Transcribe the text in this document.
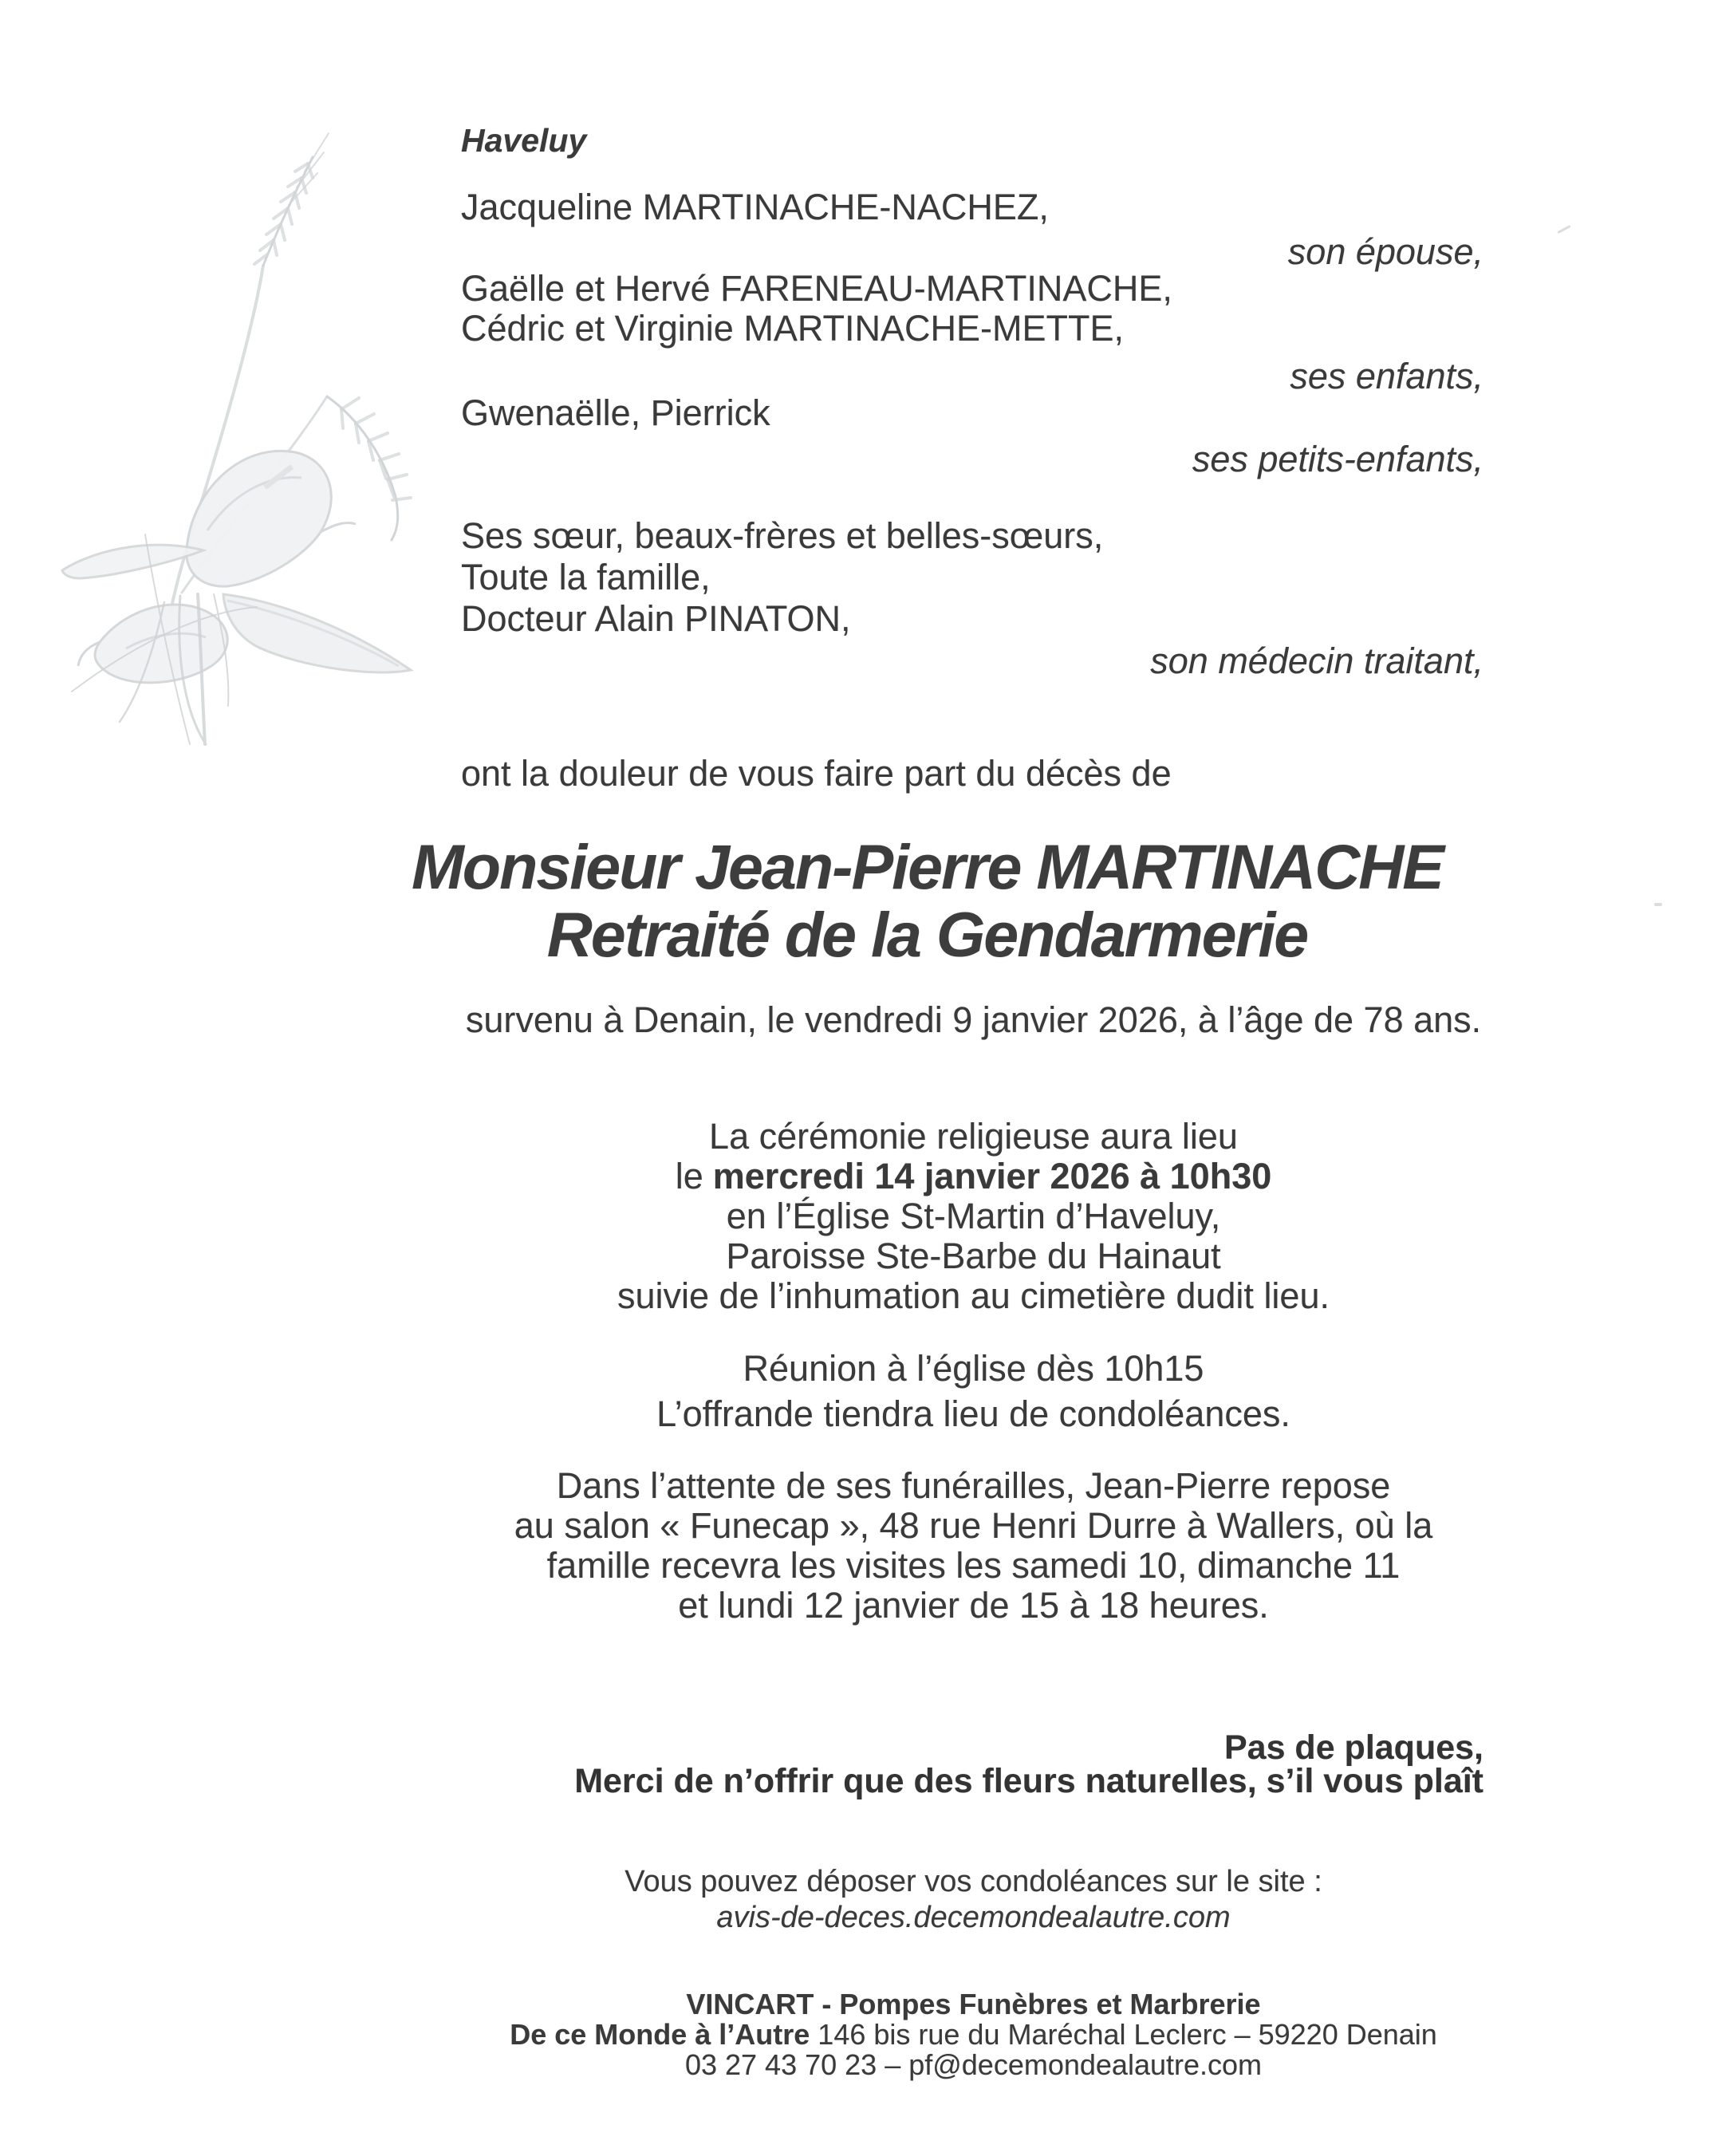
Haveluy
Jacqueline MARTINACHE-NACHEZ,
son épouse,
Gaëlle et Hervé FARENEAU-MARTINACHE,
Cédric et Virginie MARTINACHE-METTE,
ses enfants,
Gwenaëlle, Pierrick
ses petits-enfants,
Ses sœur, beaux-frères et belles-sœurs,
Toute la famille,
Docteur Alain PINATON,
son médecin traitant,
ont la douleur de vous faire part du décès de
Monsieur Jean-Pierre MARTINACHE
Retraité de la Gendarmerie
survenu à Denain, le vendredi 9 janvier 2026, à l’âge de 78 ans.
La cérémonie religieuse aura lieu
le mercredi 14 janvier 2026 à 10h30
en l’Église St-Martin d’Haveluy,
Paroisse Ste-Barbe du Hainaut
suivie de l’inhumation au cimetière dudit lieu.
Réunion à l’église dès 10h15
L’offrande tiendra lieu de condoléances.
Dans l’attente de ses funérailles, Jean-Pierre repose
au salon « Funecap », 48 rue Henri Durre à Wallers, où la
famille recevra les visites les samedi 10, dimanche 11
et lundi 12 janvier de 15 à 18 heures.
Pas de plaques,
Merci de n’offrir que des fleurs naturelles, s’il vous plaît
Vous pouvez déposer vos condoléances sur le site :
avis-de-deces.decemondealautre.com
VINCART - Pompes Funèbres et Marbrerie
De ce Monde à l’Autre 146 bis rue du Maréchal Leclerc – 59220 Denain
03 27 43 70 23 – pf@decemondealautre.com
